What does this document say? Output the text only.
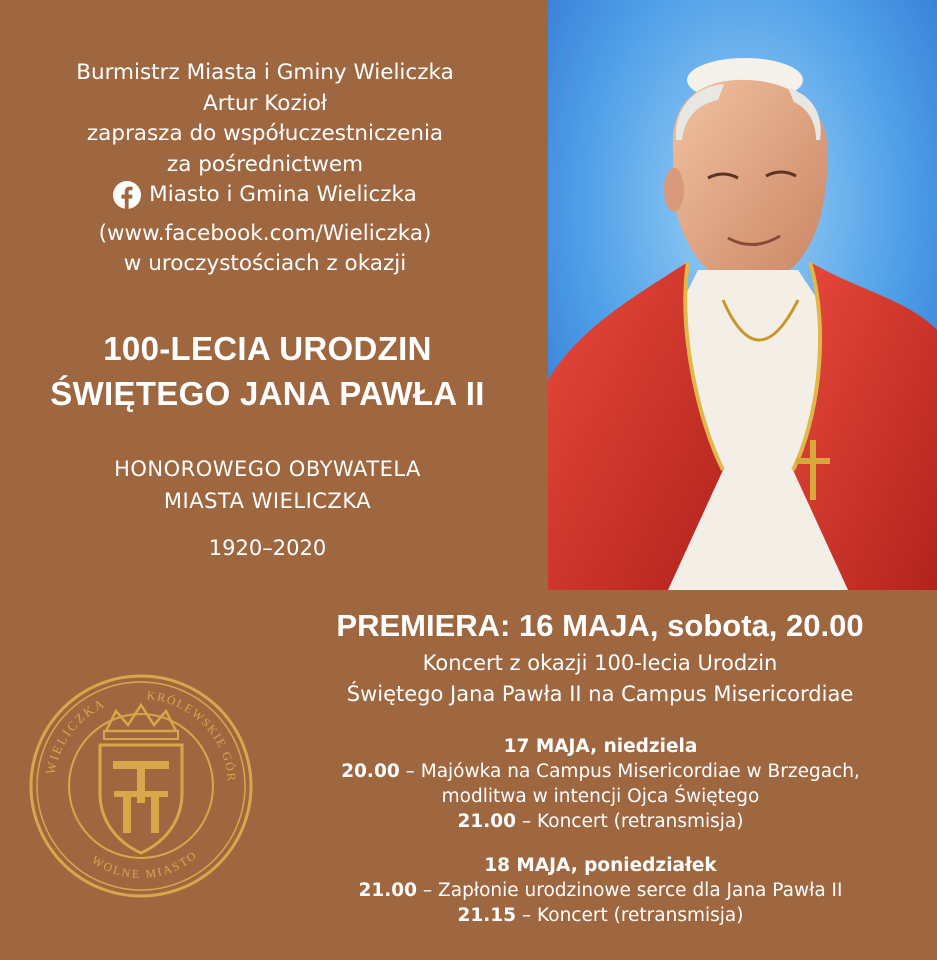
Burmistrz Miasta i Gminy Wieliczka
Artur Kozioł
zaprasza do współuczestniczenia
za pośrednictwem
Miasto i Gmina Wieliczka
(www.facebook.com/Wieliczka)
w uroczystościach z okazji
100-LECIA URODZIN
ŚWIĘTEGO JANA PAWŁA II
HONOROWEGO OBYWATELA
MIASTA WIELICZKA
1920–2020
PREMIERA: 16 MAJA, sobota, 20.00
Koncert z okazji 100-lecia Urodzin
Świętego Jana Pawła II na Campus Misericordiae
WIELICZKA	KRÓLEWSKIE GÓR
WOLNE MIASTO
17 MAJA, niedziela
20.00 – Majówka na Campus Misericordiae w Brzegach,
modlitwa w intencji Ojca Świętego
21.00 – Koncert (retransmisja)
18 MAJA, poniedziałek
21.00 – Zapłonie urodzinowe serce dla Jana Pawła II
21.15 – Koncert (retransmisja)
